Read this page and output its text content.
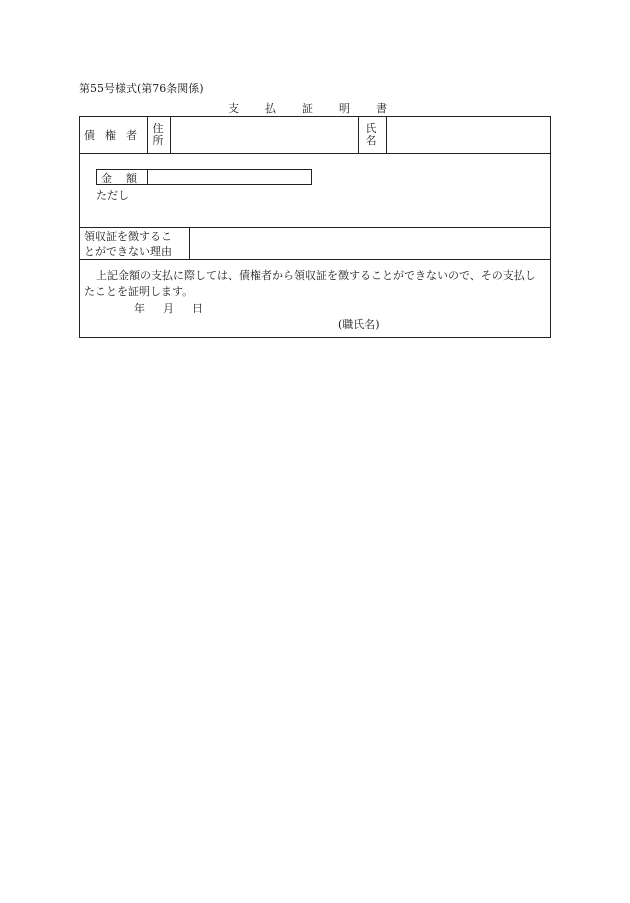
第55号様式(第76条関係)
支 払 証 明 書
債 権 者
住
所
氏
名
金 額
ただし
領収証を徴するこ
とができない理由
上記金額の支払に際しては、債権者から領収証を徴することができないので、その支払したことを証明します。
年 月 日
(職氏名)
